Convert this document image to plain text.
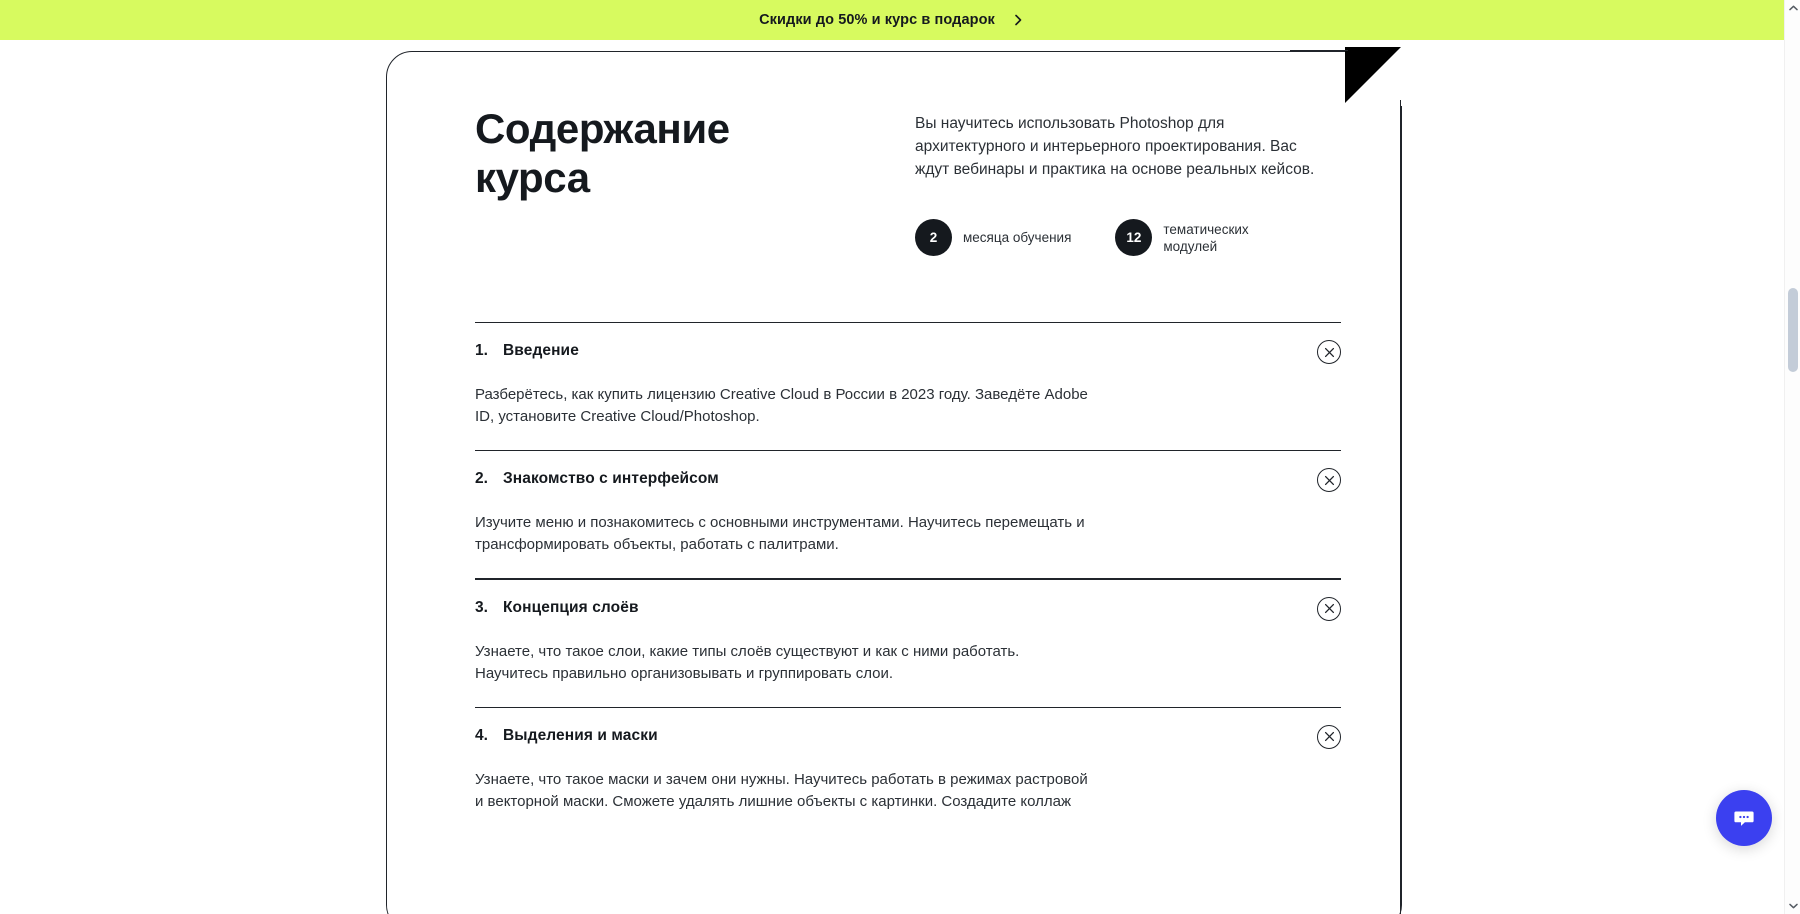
Скидки до 50% и курс в подарок
Содержание курса

Вы научитесь использовать Photoshop для архитектурного и интерьерного проектирования. Вас ждут вебинары и практика на основе реальных кейсов.

2	месяца обучения	12
тематических модулей
1. Введение
Разберётесь, как купить лицензию Creative Cloud в России в 2023 году. Заведёте Adobe ID, установите Creative Cloud/Photoshop.
2. Знакомство с интерфейсом
Изучите меню и познакомитесь с основными инструментами. Научитесь перемещать и трансформировать объекты, работать с палитрами.
3. Концепция слоёв
Узнаете, что такое слои, какие типы слоёв существуют и как с ними работать. Научитесь правильно организовывать и группировать слои.
4. Выделения и маски
Узнаете, что такое маски и зачем они нужны. Научитесь работать в режимах растровой и векторной маски. Сможете удалять лишние объекты с картинки. Создадите коллаж
